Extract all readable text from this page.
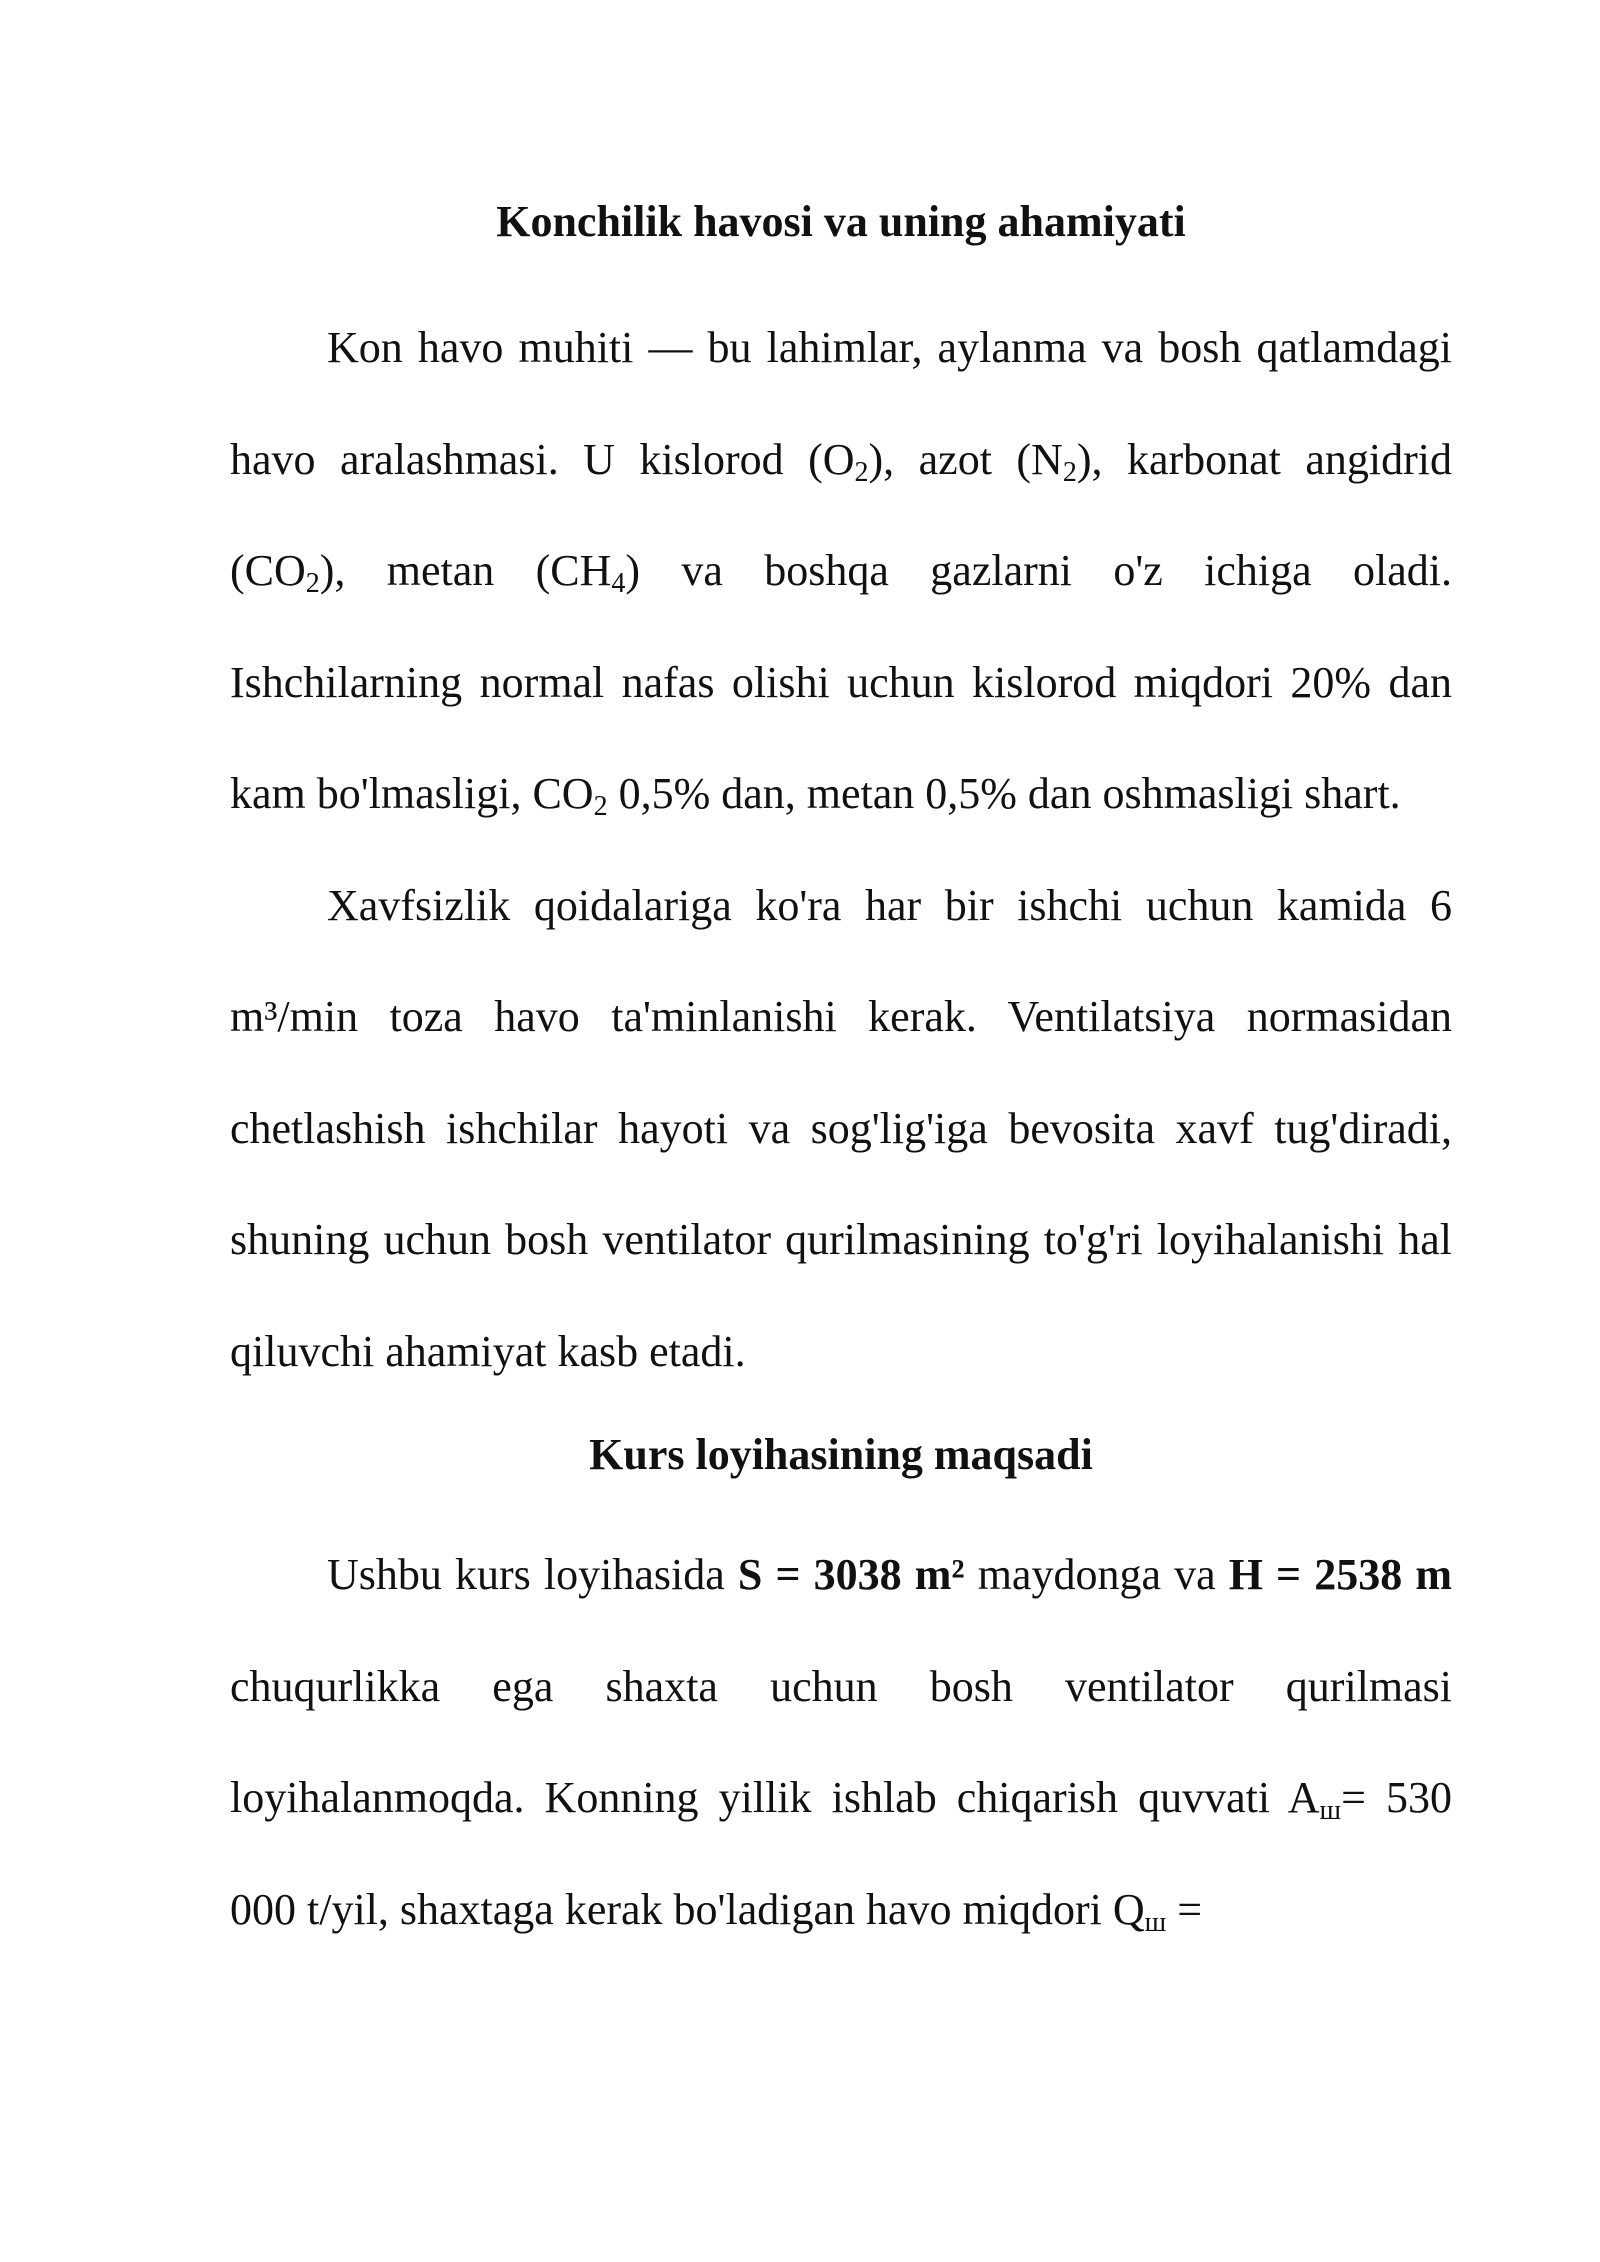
Konchilik havosi va uning ahamiyati

Kon havo muhiti — bu lahimlar, aylanma va bosh qatlamdagi havo aralashmasi. U kislorod $(O_2)$, azot $(N_2)$, karbonat angidrid $(CO_2)$, metan $(CH_4)$ va boshqa gazlarni o'z ichiga oladi. Ishchilarning normal nafas olishi uchun kislorod miqdori 20% dan kam bo'lmasligi, $CO_2$ 0,5% dan, metan 0,5% dan oshmasligi shart.

Xavfsizlik qoidalariga ko'ra har bir ishchi uchun kamida 6 m³/min toza havo ta'minlanishi kerak. Ventilatsiya normasidan chetlashish ishchilar hayoti va sog'lig'iga bevosita xavf tug'diradi, shuning uchun bosh ventilator qurilmasining to'g'ri loyihalanishi hal qiluvchi ahamiyat kasb etadi.

Kurs loyihasining maqsadi

Ushbu kurs loyihasida S = 3038 m² maydonga va H = 2538 m chuqurlikka ega shaxta uchun bosh ventilator qurilmasi loyihalanmoqda. Konning yillik ishlab chiqarish quvvati $A_ш= 530$ 000 t/yil, shaxtaga kerak bo'ladigan havo miqdori $Q_ш$ =
